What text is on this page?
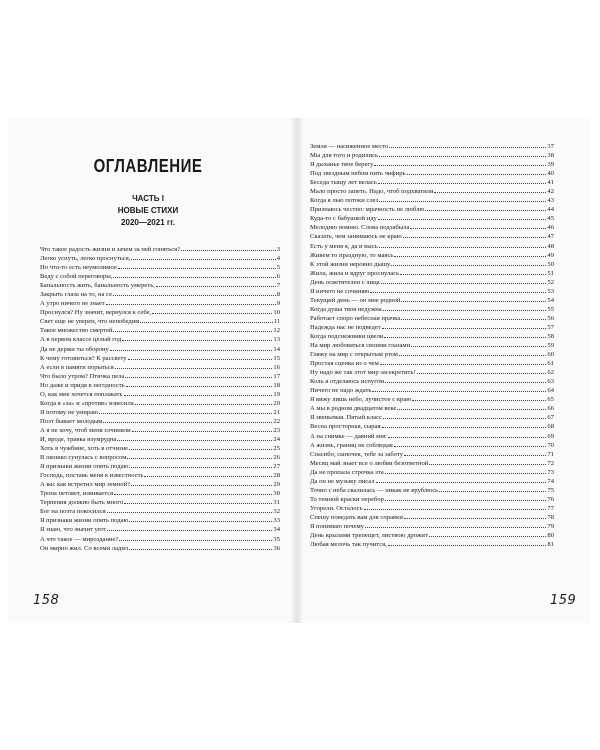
ОГЛАВЛЕНИЕ
ЧАСТЬ I
НОВЫЕ СТИХИ
2020—2021 гг.
Что такое радость жизни и зачем за ней гоняться?	3
Легко уснуть, легко проснуться,	4
Но что-то есть неумолимое	5
Веду с собой переговоры,	6
Банальность жить, банальность умереть,	7
Закрыть глаза на то, на се	8
А утро ничего не знает	9
Проснулся? Ну значит, вернулся к себе,	10
Свет еще не уверен, что непобедим	11
Такое множество смертей	12
А в первом классе целый год	13
Да не держи ты оборону	14
К чему готовиться? К рассвету	15
А если в памяти порыться	16
Что было утром? Птичка пела	17
Но даже и придя в негодность	18
О, как мне хочется поплакать	19
Когда я «за» и «против» взвесила	20
Я потому не умираю	21
Поэт бывает молодым	22
А я не хочу, чтоб меня сочиняли	23
И, вроде, травка изумрудна	24
Хоть в чужбине, хоть в отчизне	25
В окошко сунулась с вопросом	26
Я признаки жизни опять подаю:	27
Господь, поставь меня в известность	28
А вас как встретил мир земной?	29
Тропа петляет, извивается	30
Терпения должно быть много	31
Бог на поэта покосился	32
Я признаки жизни опять подаю	33
Я знаю, что значит уют	34
А что такое — мироздание?	35
Он мирно жил. Со всеми ладил	36
158
Земля — насиженное место	37
Мы для того и родились	38
Я дыханье твое берегу	39
Под звездным небом пить чифирь	40
Беседа тыщу лет велась	41
Мало просто запеть. Надо, чтоб подхватили	42
Когда я лью потоки слез	43
Признаюсь честно: мрачность не люблю	44
Куда-то с бабушкой иду	45
Мелодию помню. Слова подзабыла	46
Сказать, чем занимаюсь не краю	47
Есть у меня я, да и высь	48
Живем то праздную, то маясь	49
К этой жизни неровно дышу	50
Жила, жила и вдруг проснулась	51
День осветителен с лица	52
Я ничего не сочиняю	53
Текущий день — он мне родной	54
Когда душа твоя недужна	55
Работает споро небесная прачка	56
Надежда нас не подведет	57
Когда подснежники цвели	58
На мир любоваться своими глазами	59
Гляжу на мир с открытым ртом	60
Простая сценка из о чем	61
Ну надо же так этот мир засекретить!	62
Коль я отделаюсь испугом	63
Ничего не надо ждать	64
Я вижу лишь небо, лучистое с краю	65
А мы в родном двадцатом веке	66
Я звеньевая. Пятый класс	67
Весна просторная, сырая	68
А на снимке — давний миг	69
А жизнь, границ не соблюдая	70
Спасибо, сыночек, тебе за заботу	71
Месяц май знает все о любви безответной	72
Да не пропала строчка эта	73
Да он не музыку писал	74
Точно с неба свалилась — никак не врублюсь	75
То темной краски перебор	76
Угорели. Осталось	77
Спешу поведать вам для справки	78
Я понимаю почему	79
День крылами трепещет, листвою дрожит	80
Любая мелочь так пучится,	81
159
